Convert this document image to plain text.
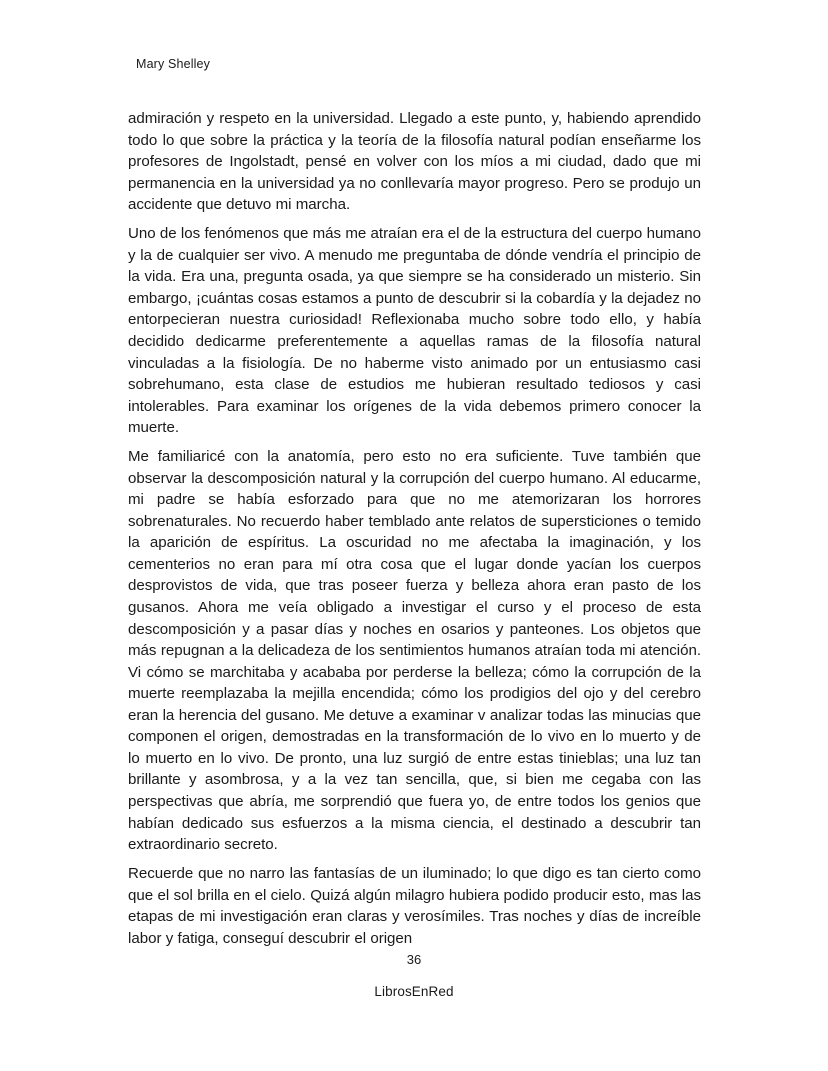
Mary Shelley

admiración y respeto en la universidad. Llegado a este punto, y, habiendo aprendido todo lo que sobre la práctica y la teoría de la filosofía natural podían enseñarme los profesores de Ingolstadt, pensé en volver con los míos a mi ciudad, dado que mi permanencia en la universidad ya no conllevaría mayor progreso. Pero se produjo un accidente que detuvo mi marcha.

Uno de los fenómenos que más me atraían era el de la estructura del cuerpo humano y la de cualquier ser vivo. A menudo me preguntaba de dónde vendría el principio de la vida. Era una, pregunta osada, ya que siempre se ha considerado un misterio. Sin embargo, ¡cuántas cosas estamos a punto de descubrir si la cobardía y la dejadez no entorpecieran nuestra curiosidad! Reflexionaba mucho sobre todo ello, y había decidido dedicarme preferentemente a aquellas ramas de la filosofía natural vinculadas a la fisiología. De no haberme visto animado por un entusiasmo casi sobrehumano, esta clase de estudios me hubieran resultado tediosos y casi intolerables. Para examinar los orígenes de la vida debemos primero conocer la muerte.

Me familiaricé con la anatomía, pero esto no era suficiente. Tuve también que observar la descomposición natural y la corrupción del cuerpo humano. Al educarme, mi padre se había esforzado para que no me atemorizaran los horrores sobrenaturales. No recuerdo haber temblado ante relatos de supersticiones o temido la aparición de espíritus. La oscuridad no me afectaba la imaginación, y los cementerios no eran para mí otra cosa que el lugar donde yacían los cuerpos desprovistos de vida, que tras poseer fuerza y belleza ahora eran pasto de los gusanos. Ahora me veía obligado a investigar el curso y el proceso de esta descomposición y a pasar días y noches en osarios y panteones. Los objetos que más repugnan a la delicadeza de los sentimientos humanos atraían toda mi atención. Vi cómo se marchitaba y acababa por perderse la belleza; cómo la corrupción de la muerte reemplazaba la mejilla encendida; cómo los prodigios del ojo y del cerebro eran la herencia del gusano. Me detuve a examinar v analizar todas las minucias que componen el origen, demostradas en la transformación de lo vivo en lo muerto y de lo muerto en lo vivo. De pronto, una luz surgió de entre estas tinieblas; una luz tan brillante y asombrosa, y a la vez tan sencilla, que, si bien me cegaba con las perspectivas que abría, me sorprendió que fuera yo, de entre todos los genios que habían dedicado sus esfuerzos a la misma ciencia, el destinado a descubrir tan extraordinario secreto.

Recuerde que no narro las fantasías de un iluminado; lo que digo es tan cierto como que el sol brilla en el cielo. Quizá algún milagro hubiera podido producir esto, mas las etapas de mi investigación eran claras y verosímiles. Tras noches y días de increíble labor y fatiga, conseguí descubrir el origen

36
LibrosEnRed
